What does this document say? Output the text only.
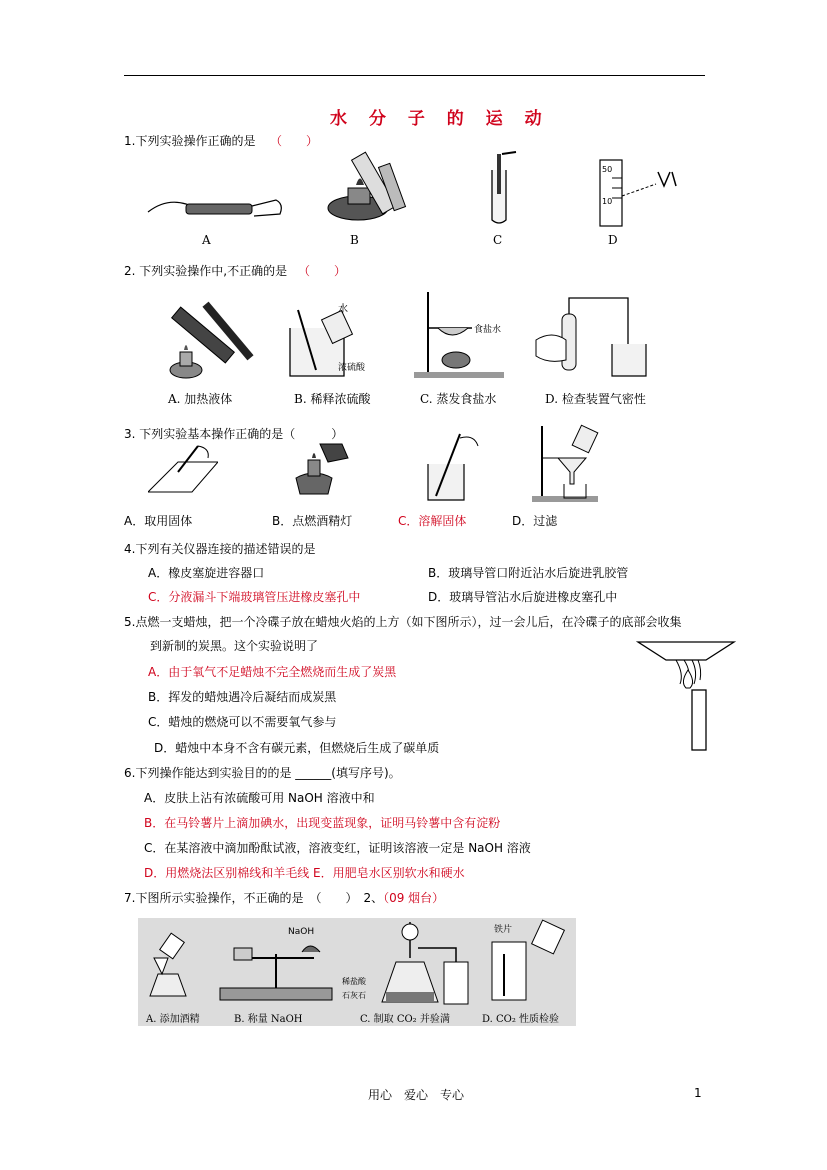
水 分 子 的 运 动
1.下列实验操作正确的是 （　　）
A	B	C
50
10
D
2. 下列实验操作中,不正确的是 （　　）
水
浓硫酸
食盐水
A. 加热液体	B. 稀释浓硫酸	C. 蒸发食盐水	D. 检查装置气密性
3. 下列实验基本操作正确的是（　　　）
A．取用固体	B．点燃酒精灯	C．溶解固体	D．过滤
4.下列有关仪器连接的描述错误的是
A．橡皮塞旋进容器口	B．玻璃导管口附近沾水后旋进乳胶管
C．分液漏斗下端玻璃管压进橡皮塞孔中	D．玻璃导管沾水后旋进橡皮塞孔中
5.点燃一支蜡烛，把一个冷碟子放在蜡烛火焰的上方（如下图所示），过一会儿后，在冷碟子的底部会收集
到新制的炭黑。这个实验说明了
A．由于氧气不足蜡烛不完全燃烧而生成了炭黑
B．挥发的蜡烛遇冷后凝结而成炭黑
C．蜡烛的燃烧可以不需要氧气参与
D．蜡烛中本身不含有碳元素，但燃烧后生成了碳单质
6.下列操作能达到实验目的的是 ______(填写序号)。
A．皮肤上沾有浓硫酸可用 NaOH 溶液中和
B．在马铃薯片上滴加碘水，出现变蓝现象，证明马铃薯中含有淀粉
C．在某溶液中滴加酚酞试液，溶液变红，证明该溶液一定是 NaOH 溶液
D．用燃烧法区别棉线和羊毛线 E．用肥皂水区别软水和硬水
7.下图所示实验操作，不正确的是　（　　）　2、（09 烟台）
NaOH
稀盐酸
石灰石
铁片
A. 添加酒精	B. 称量 NaOH	C. 制取 CO₂ 并验满	D. CO₂ 性质检验
用心　爱心　专心	1
